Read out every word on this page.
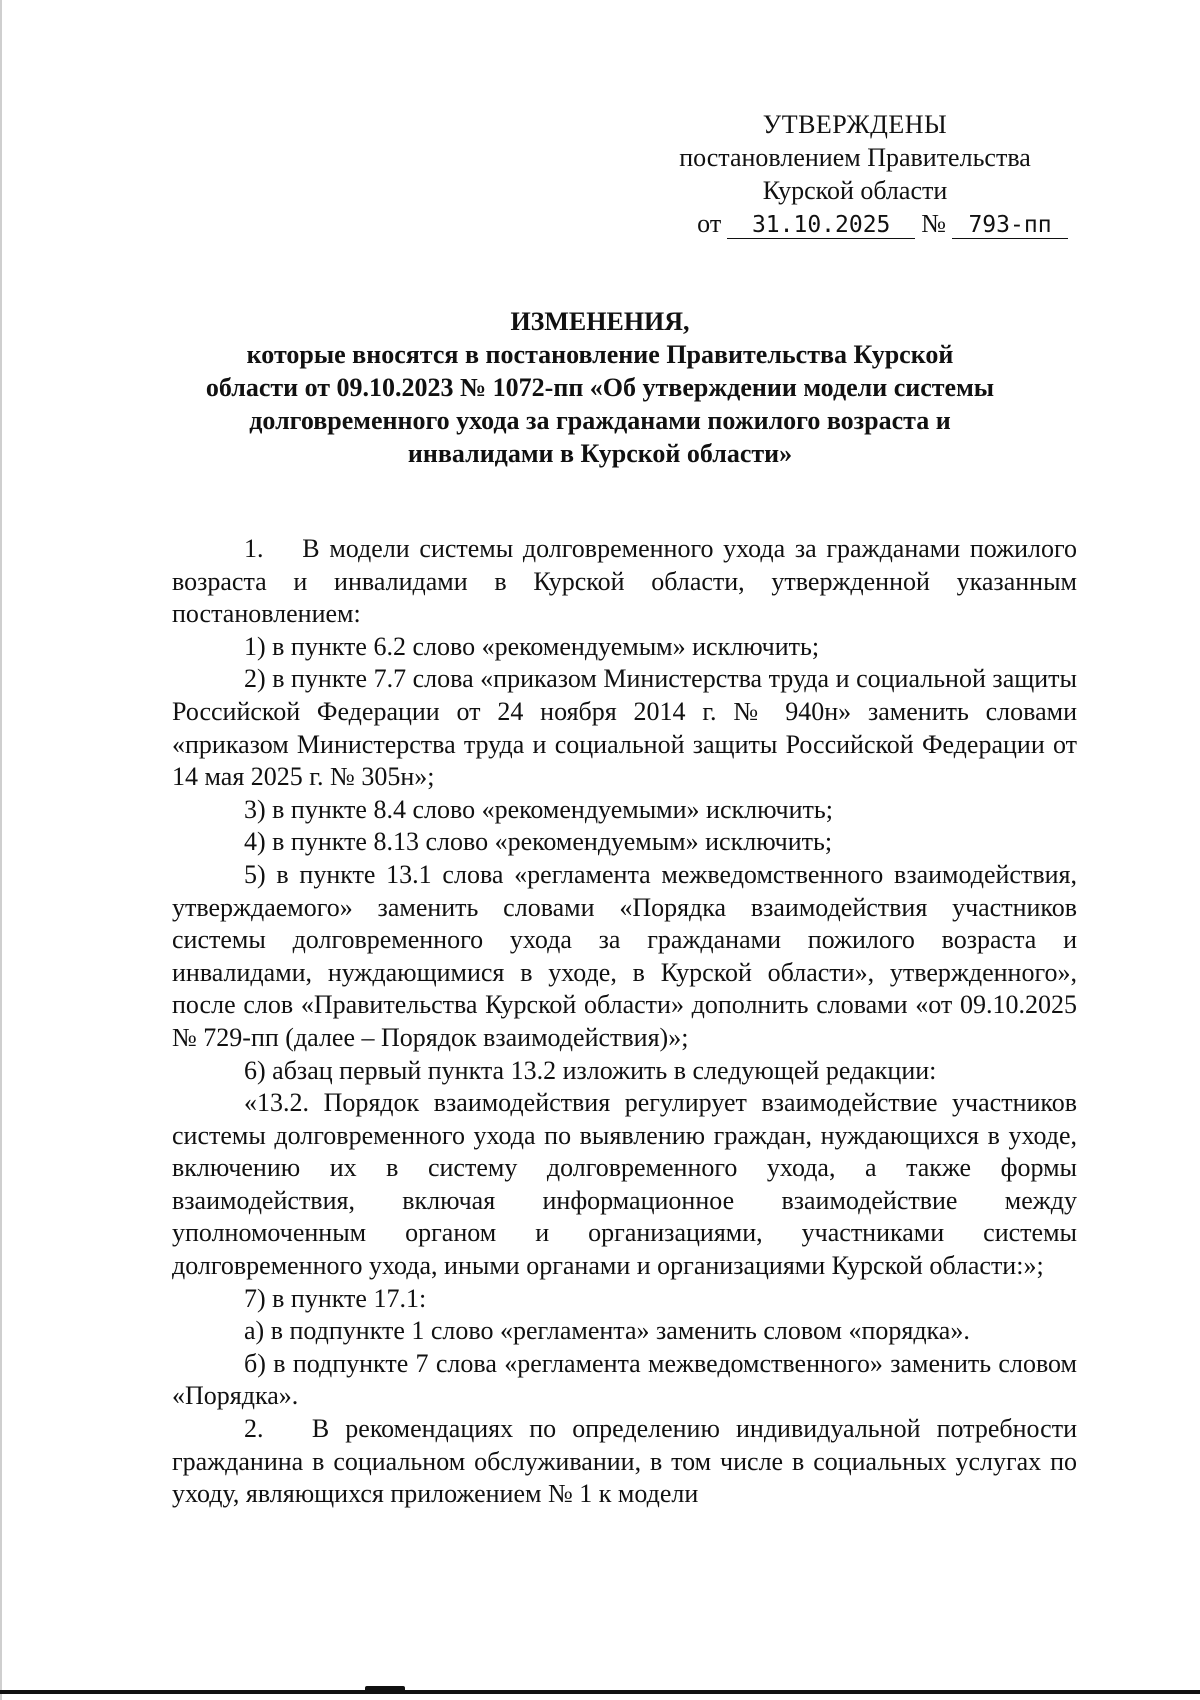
УТВЕРЖДЕНЫ
постановлением Правительства
Курской области
от	31.10.2025	№ 793-пп
ИЗМЕНЕНИЯ,
которые вносятся в постановление Правительства Курской области от 09.10.2023 № 1072-пп «Об утверждении модели системы долговременного ухода за гражданами пожилого возраста и инвалидами в Курской области»

1.    В модели системы долговременного ухода за гражданами пожилого возраста и инвалидами в Курской области, утвержденной указанным постановлением:

1) в пункте 6.2 слово «рекомендуемым» исключить;

2) в пункте 7.7 слова «приказом Министерства труда и социальной защиты Российской Федерации от 24 ноября 2014 г. № 940н» заменить словами «приказом Министерства труда и социальной защиты Российской Федерации от 14 мая 2025 г. № 305н»;

3) в пункте 8.4 слово «рекомендуемыми» исключить;

4) в пункте 8.13 слово «рекомендуемым» исключить;

5) в пункте 13.1 слова «регламента межведомственного взаимодействия, утверждаемого» заменить словами «Порядка взаимодействия участников системы долговременного ухода за гражданами пожилого возраста и инвалидами, нуждающимися в уходе, в Курской области», утвержденного», после слов «Правительства Курской области» дополнить словами «от 09.10.2025 № 729-пп (далее – Порядок взаимодействия)»;

6) абзац первый пункта 13.2 изложить в следующей редакции:

«13.2. Порядок взаимодействия регулирует взаимодействие участников системы долговременного ухода по выявлению граждан, нуждающихся в уходе, включению их в систему долговременного ухода, а также формы взаимодействия, включая информационное взаимодействие между уполномоченным органом и организациями, участниками системы долговременного ухода, иными органами и организациями Курской области:»;

7) в пункте 17.1:

а) в подпункте 1 слово «регламента» заменить словом «порядка».

б) в подпункте 7 слова «регламента межведомственного» заменить словом «Порядка».

2.   В рекомендациях по определению индивидуальной потребности гражданина в социальном обслуживании, в том числе в социальных услугах по уходу, являющихся приложением № 1 к модели
